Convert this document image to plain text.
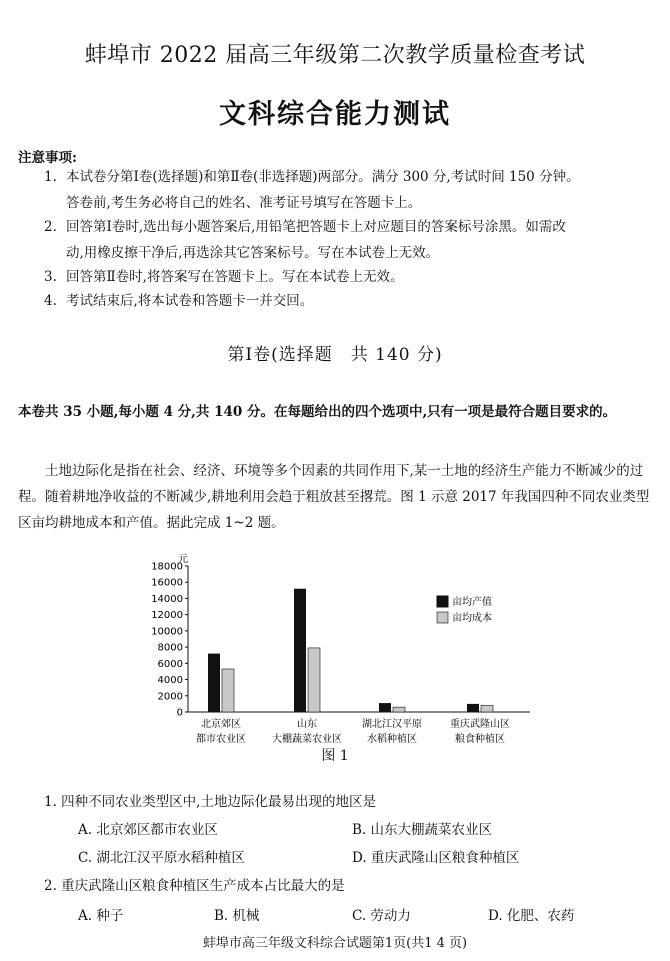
蚌埠市 2022 届高三年级第二次教学质量检查考试
文科综合能力测试
注意事项:
1. 本试卷分第Ⅰ卷(选择题)和第Ⅱ卷(非选择题)两部分。满分 300 分,考试时间 150 分钟。
答卷前,考生务必将自己的姓名、准考证号填写在答题卡上。
2. 回答第Ⅰ卷时,选出每小题答案后,用铅笔把答题卡上对应题目的答案标号涂黑。如需改
动,用橡皮擦干净后,再选涂其它答案标号。写在本试卷上无效。
3. 回答第Ⅱ卷时,将答案写在答题卡上。写在本试卷上无效。
4. 考试结束后,将本试卷和答题卡一并交回。
第Ⅰ卷(选择题　共 140 分)
本卷共 35 小题,每小题 4 分,共 140 分。在每题给出的四个选项中,只有一项是最符合题目要求的。
土地边际化是指在社会、经济、环境等多个因素的共同作用下,某一土地的经济生产能力不断减少的过程。随着耕地净收益的不断减少,耕地利用会趋于粗放甚至撂荒。图 1 示意 2017 年我国四种不同农业类型区亩均耕地成本和产值。据此完成 1~2 题。
元
0
2000
4000
6000
8000
10000
12000
14000
16000
18000
北京郊区
都市农业区
山东
大棚蔬菜农业区
湖北江汉平原
水稻种植区
重庆武隆山区
粮食种植区
亩均产值
亩均成本
图 1
1. 四种不同农业类型区中,土地边际化最易出现的地区是
A. 北京郊区都市农业区	B. 山东大棚蔬菜农业区
C. 湖北江汉平原水稻种植区	D. 重庆武隆山区粮食种植区
2. 重庆武隆山区粮食种植区生产成本占比最大的是
A. 种子	B. 机械	C. 劳动力	D. 化肥、农药
蚌埠市高三年级文科综合试题第1页(共1 4 页)
